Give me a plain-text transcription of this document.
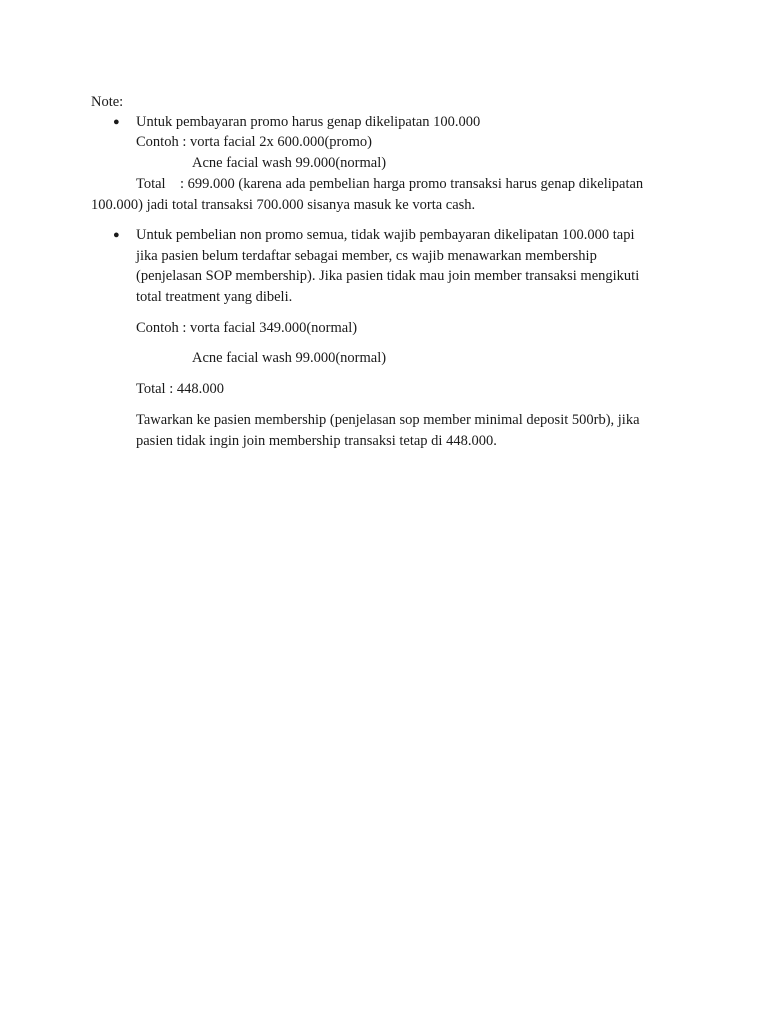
Note:
● Untuk pembayaran promo harus genap dikelipatan 100.000
Contoh : vorta facial 2x 600.000(promo)
Acne facial wash 99.000(normal)
Total : 699.000 (karena ada pembelian harga promo transaksi harus genap dikelipatan
100.000) jadi total transaksi 700.000 sisanya masuk ke vorta cash.
● Untuk pembelian non promo semua, tidak wajib pembayaran dikelipatan 100.000 tapi
jika pasien belum terdaftar sebagai member, cs wajib menawarkan membership
(penjelasan SOP membership). Jika pasien tidak mau join member transaksi mengikuti
total treatment yang dibeli.
Contoh : vorta facial 349.000(normal)
Acne facial wash 99.000(normal)
Total : 448.000
Tawarkan ke pasien membership (penjelasan sop member minimal deposit 500rb), jika
pasien tidak ingin join membership transaksi tetap di 448.000.
